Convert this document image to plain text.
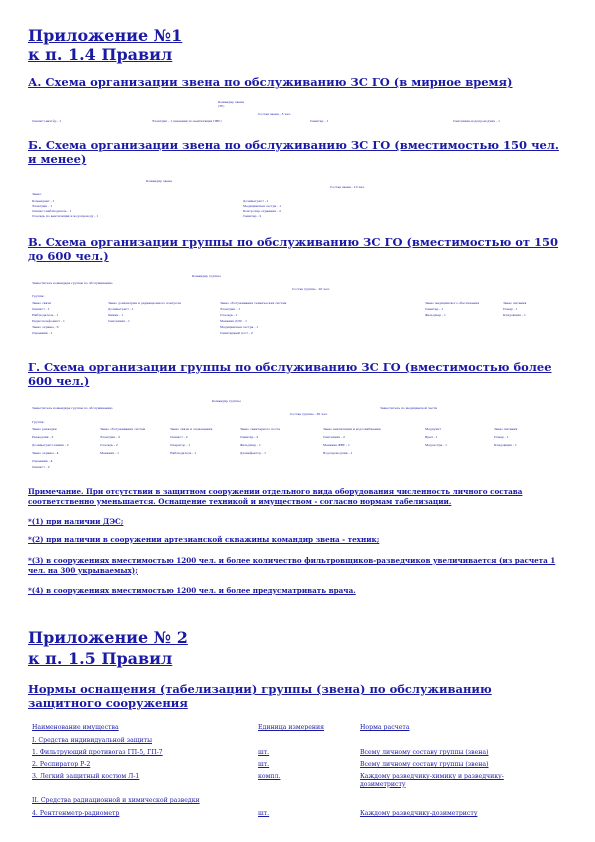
Приложение №1
к п. 1.4 Правил
А. Схема организации звена по обслуживанию ЗС ГО (в мирное время)
Командир звена
(ЗУ)
Состав звена - 5 чел.
Связист-вахтёр - 1	Электрик - 1 (механик по вентиляции ПВС)	Санитар - 1	Сантехник-водопроводчик - 1
Б. Схема организации звена по обслуживанию ЗС ГО (вместимостью 150 чел. и менее)
Командир звена
Состав звена - 10 чел.
Звено:
Комендант - 1
Электрик - 1
Связист-наблюдатель - 1
Слесарь по вентиляции и водопроводу - 1
Дозиметрист - 1
Медицинская сестра - 1
Контролёр-охранник - 2
Санитар - 2
В. Схема организации группы по обслуживанию ЗС ГО (вместимостью от 150 до 600 чел.)
Командир группы
Заместитель командира группы по обслуживанию
Состав группы - 20 чел.
Группа:
Звено связи
Связист - 1
Наблюдатель - 1
Радиотелефонист - 1
Звено охраны - 6
Охранник - 1
Звено дозиметрии и радиационного контроля
Дозиметрист - 1
Химик - 1
Сантехник - 1
Звено обслуживания технических систем
Электрик - 1
Слесарь - 1
Механик ДЭС - 1
Медицинская сестра - 1
Санитарный пост - 2
Звено медицинского обеспечения
Санитар - 1
Фельдшер - 1
Звено питания
Повар - 1
Кладовщик - 1
Г. Схема организации группы по обслуживанию ЗС ГО (вместимостью более 600 чел.)
Командир группы
Заместитель командира группы по обслуживанию	Заместитель по медицинской части
Состав группы - 30 чел.
Группа:
Звено разведки
Разведчик - 2
Дозиметрист-химик - 2
Звено охраны - 4
Охранник - 4
Связист - 2
Звено обслуживания систем
Электрик - 2
Слесарь - 2
Механик - 1
Звено связи и оповещения
Связист - 2
Оператор - 1
Наблюдатель - 1
Звено санитарного поста
Санитар - 2
Фельдшер - 1
Дезинфектор - 1
Звено вентиляции и водоснабжения
Сантехник - 2
Механик ФВУ - 1
Водопроводчик - 1
Медпункт
Врач - 1
Медсестра - 1
Звено питания
Повар - 1
Кладовщик - 1
Примечание. При отсутствии в защитном сооружении отдельного вида оборудования численность личного состава соответственно уменьшается. Оснащение техникой и имуществом - согласно нормам табелизации.
*(1) при наличии ДЭС;
*(2) при наличии в сооружении артезианской скважины командир звена - техник;
*(3) в сооружениях вместимостью 1200 чел. и более количество фильтровщиков-разведчиков увеличивается (из расчета 1 чел. на 300 укрываемых);
*(4) в сооружениях вместимостью 1200 чел. и более предусматривать врача.
Приложение № 2
к п. 1.5 Правил
Нормы оснащения (табелизации) группы (звена) по обслуживанию защитного сооружения
Наименование имущества	Единица измерения	Норма расчета
I. Средства индивидуальной защиты
1. Фильтрующий противогаз ГП-5, ГП-7	шт.	Всему личному составу группы (звена)
2. Респиратор Р-2	шт.	Всему личному составу группы (звена)
3. Легкий защитный костюм Л-1	компл.	Каждому разведчику-химику и разведчику-дозиметристу
II. Средства радиационной и химической разведки
4. Рентгенметр-радиометр	шт.	Каждому разведчику-дозиметристу
